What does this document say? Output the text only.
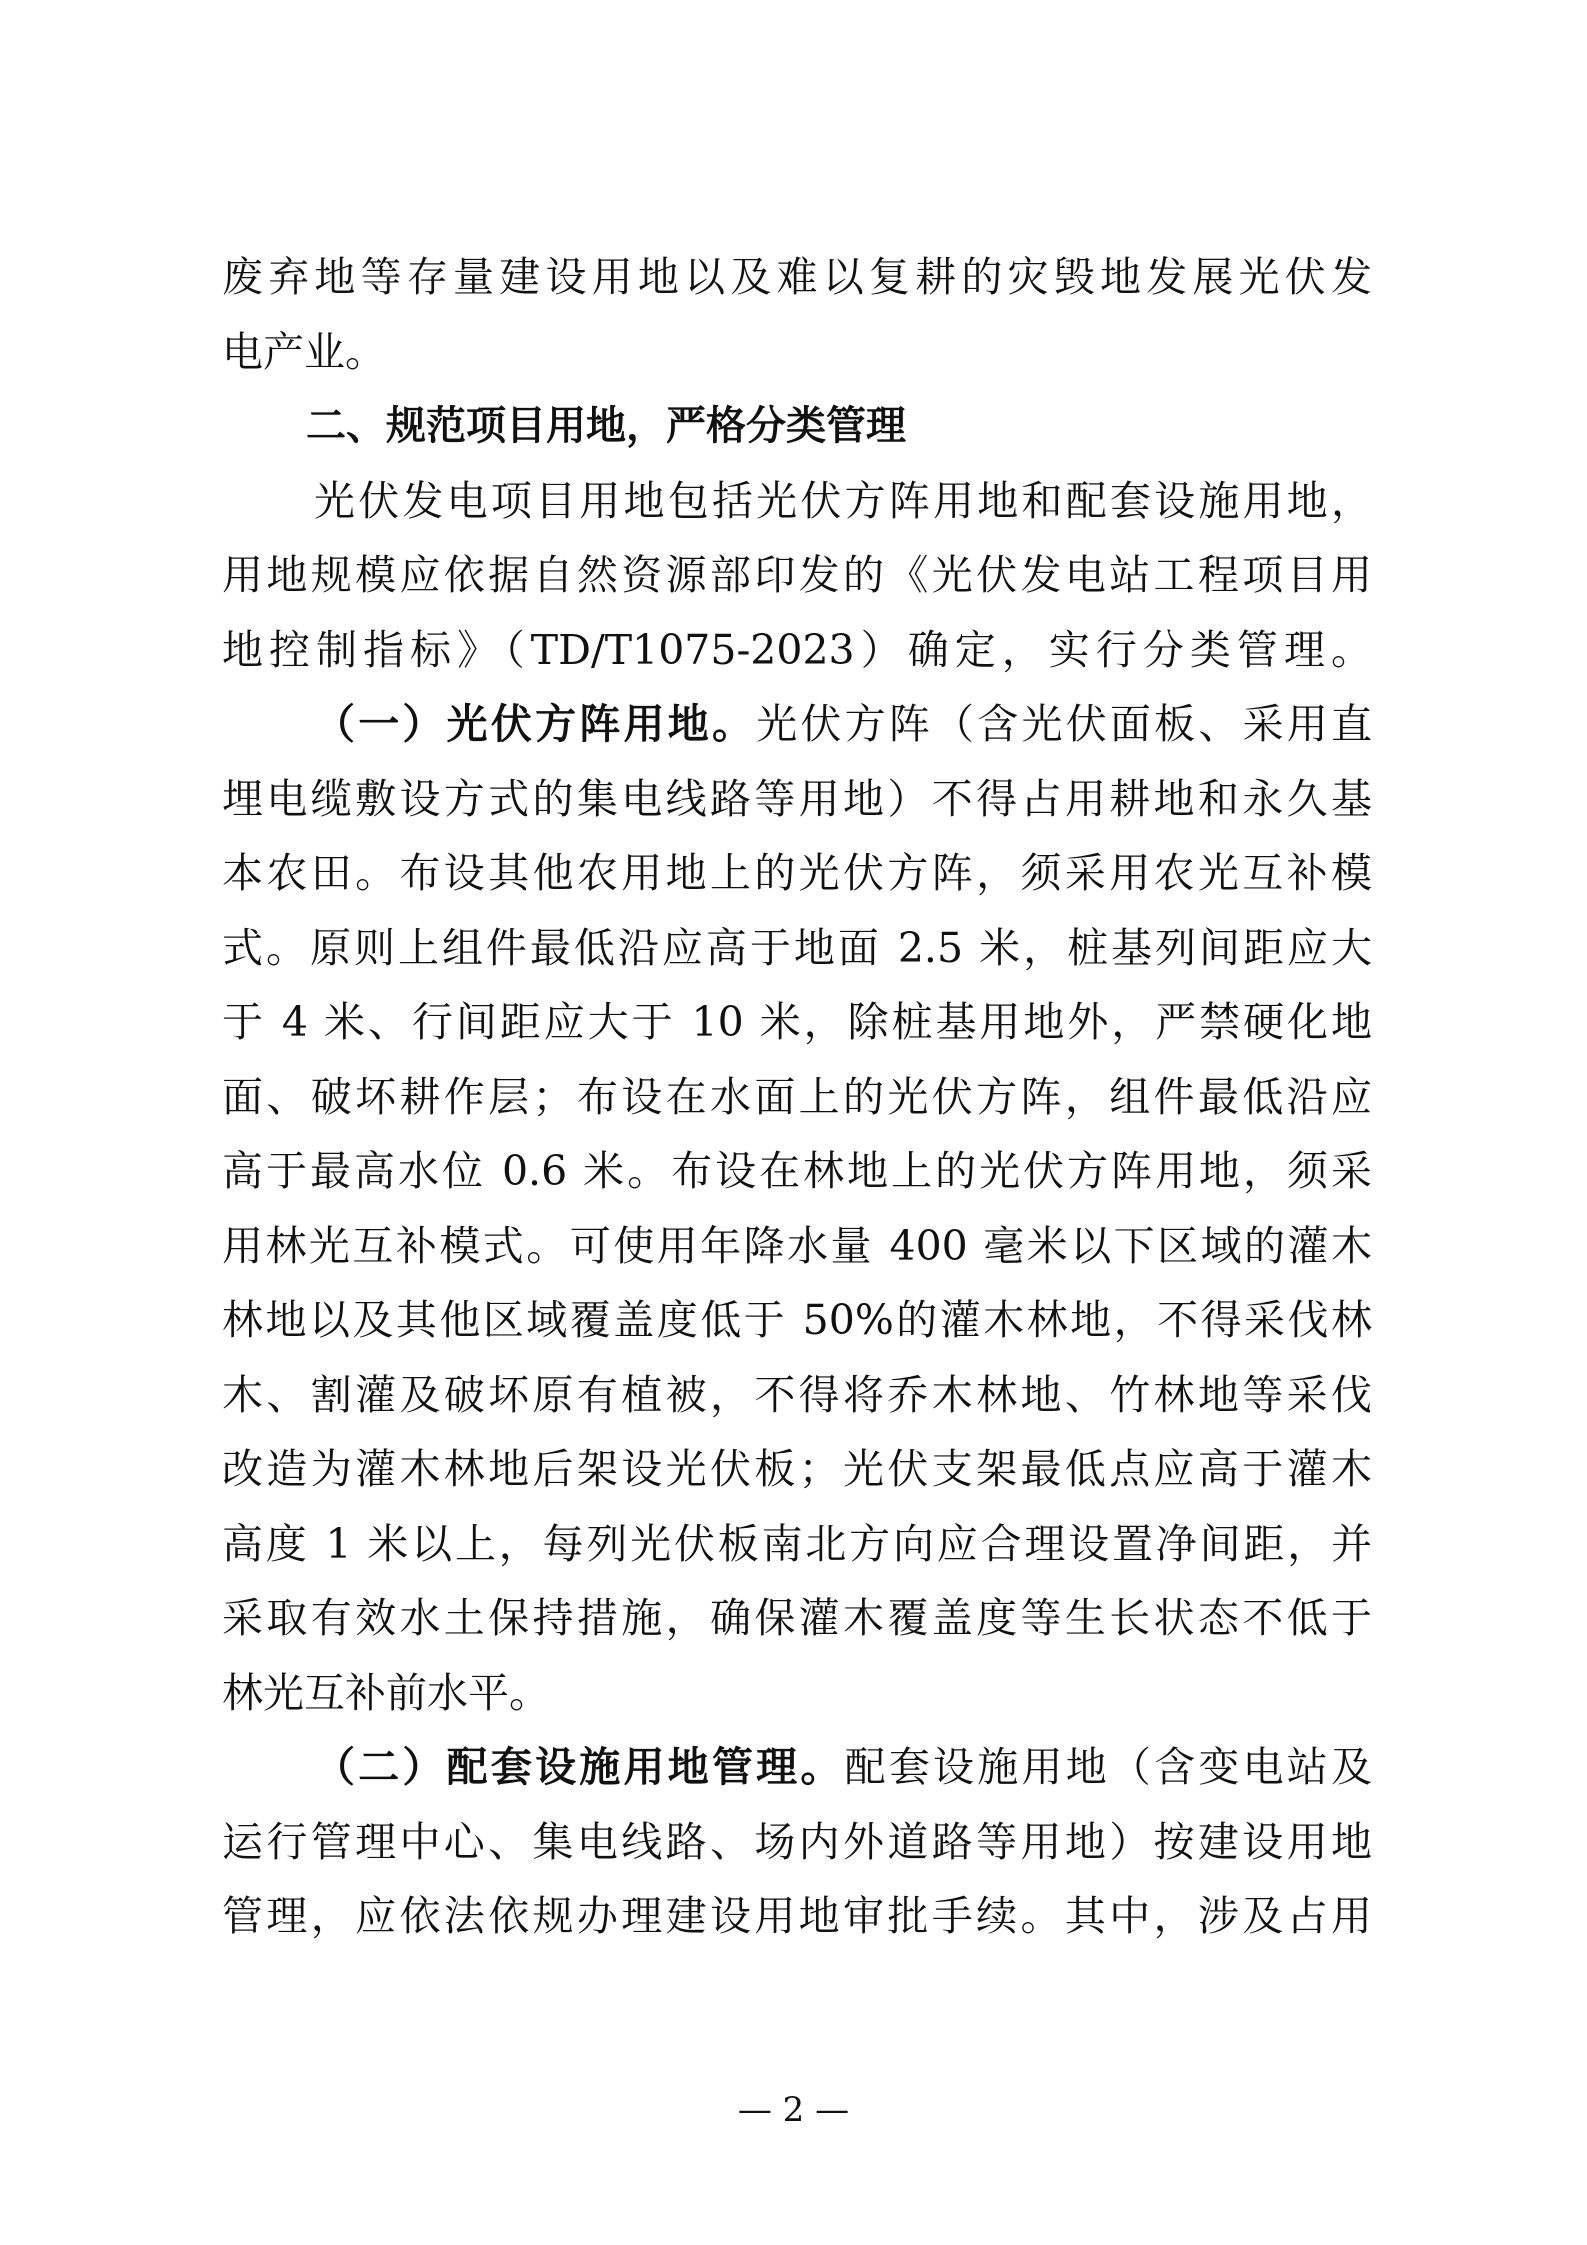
废弃地等存量建设用地以及难以复耕的灾毁地发展光伏发
电产业。
二、规范项目用地，严格分类管理
光伏发电项目用地包括光伏方阵用地和配套设施用地，
用地规模应依据自然资源部印发的《光伏发电站工程项目用
地控制指标》（TD/T1075-2023）确定，实行分类管理。
（一）光伏方阵用地。光伏方阵（含光伏面板、采用直
埋电缆敷设方式的集电线路等用地）不得占用耕地和永久基
本农田。布设其他农用地上的光伏方阵，须采用农光互补模
式。原则上组件最低沿应高于地面 2.5 米，桩基列间距应大
于 4 米、行间距应大于 10 米，除桩基用地外，严禁硬化地
面、破坏耕作层；布设在水面上的光伏方阵，组件最低沿应
高于最高水位 0.6 米。布设在林地上的光伏方阵用地，须采
用林光互补模式。可使用年降水量 400 毫米以下区域的灌木
林地以及其他区域覆盖度低于 50%的灌木林地，不得采伐林
木、割灌及破坏原有植被，不得将乔木林地、竹林地等采伐
改造为灌木林地后架设光伏板；光伏支架最低点应高于灌木
高度 1 米以上，每列光伏板南北方向应合理设置净间距，并
采取有效水土保持措施，确保灌木覆盖度等生长状态不低于
林光互补前水平。
（二）配套设施用地管理。配套设施用地（含变电站及
运行管理中心、集电线路、场内外道路等用地）按建设用地
管理，应依法依规办理建设用地审批手续。其中，涉及占用
— 2 —
